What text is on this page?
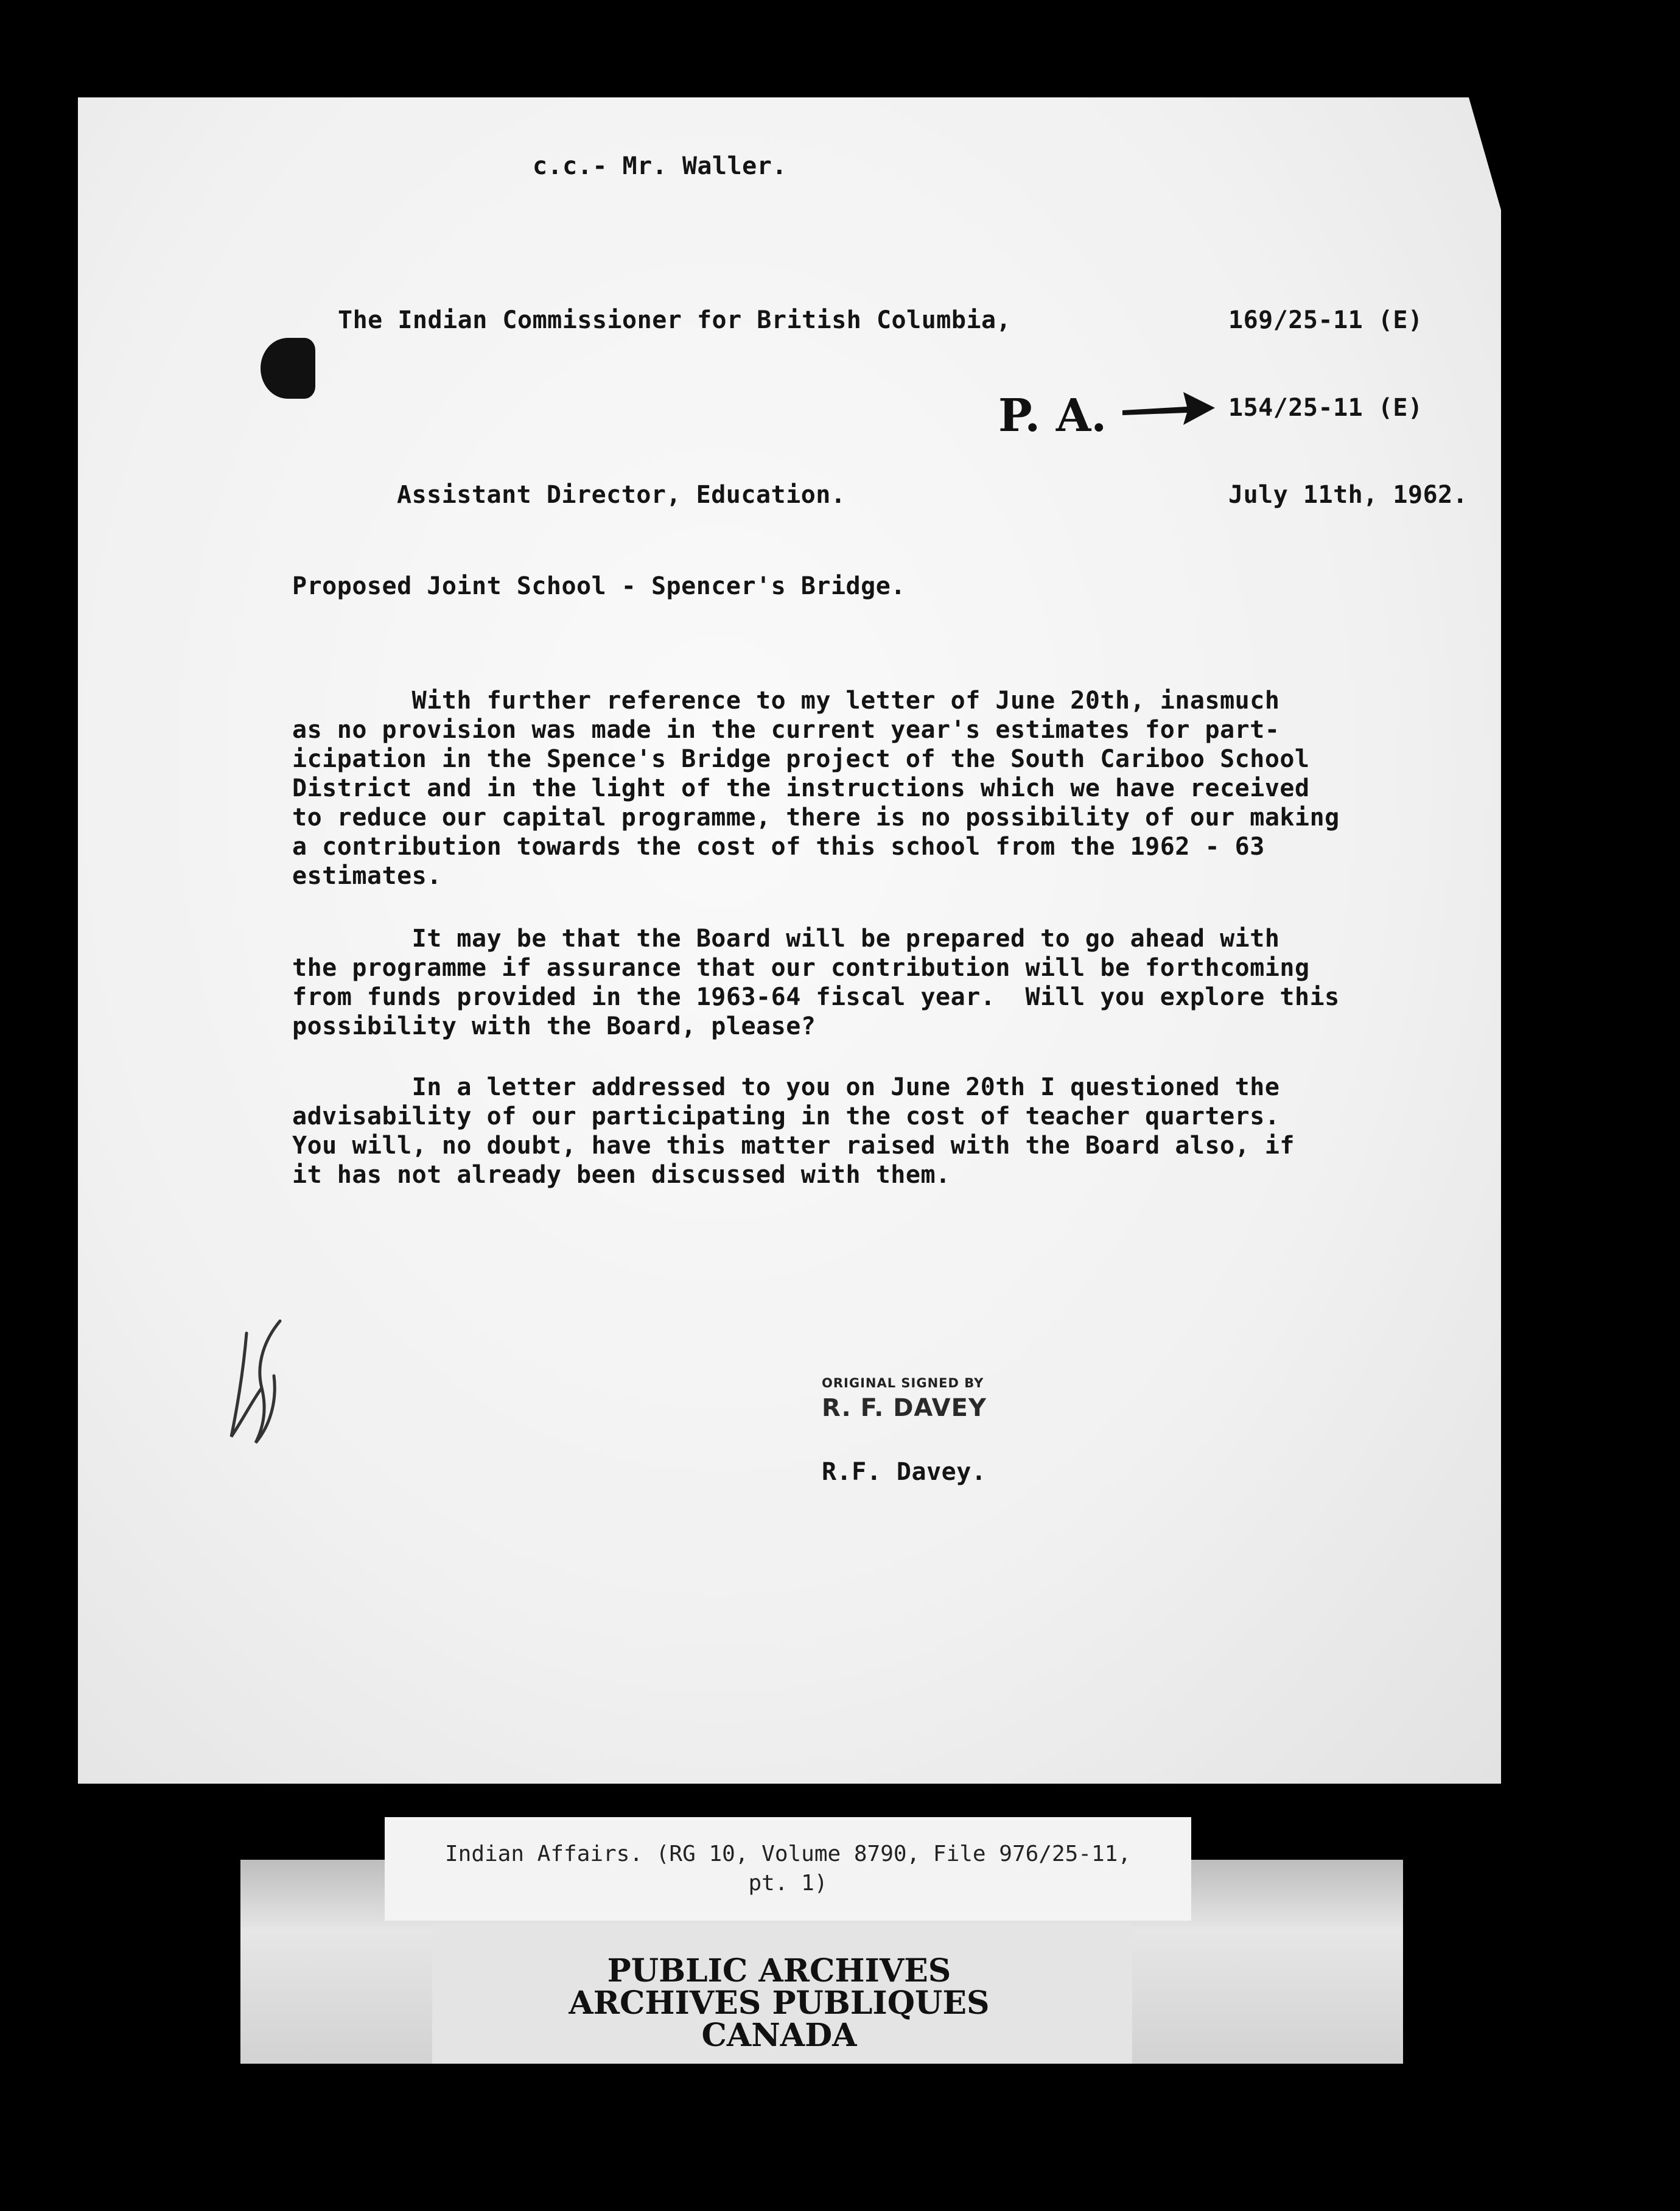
c.c.- Mr. Waller.
The Indian Commissioner for British Columbia,	169/25-11 (E)
P. A.	154/25-11 (E)
Assistant Director, Education.	July 11th, 1962.
Proposed Joint School - Spencer's Bridge.
With further reference to my letter of June 20th, inasmuch
as no provision was made in the current year's estimates for part-
icipation in the Spence's Bridge project of the South Cariboo School
District and in the light of the instructions which we have received
to reduce our capital programme, there is no possibility of our making
a contribution towards the cost of this school from the 1962 - 63
estimates.
It may be that the Board will be prepared to go ahead with
the programme if assurance that our contribution will be forthcoming
from funds provided in the 1963-64 fiscal year.  Will you explore this
possibility with the Board, please?
In a letter addressed to you on June 20th I questioned the
advisability of our participating in the cost of teacher quarters.
You will, no doubt, have this matter raised with the Board also, if
it has not already been discussed with them.
ORIGINAL SIGNED BY
R. F. DAVEY
R.F. Davey.
Indian Affairs. (RG 10, Volume 8790, File 976/25-11,
pt. 1)
PUBLIC ARCHIVES
ARCHIVES PUBLIQUES
CANADA
